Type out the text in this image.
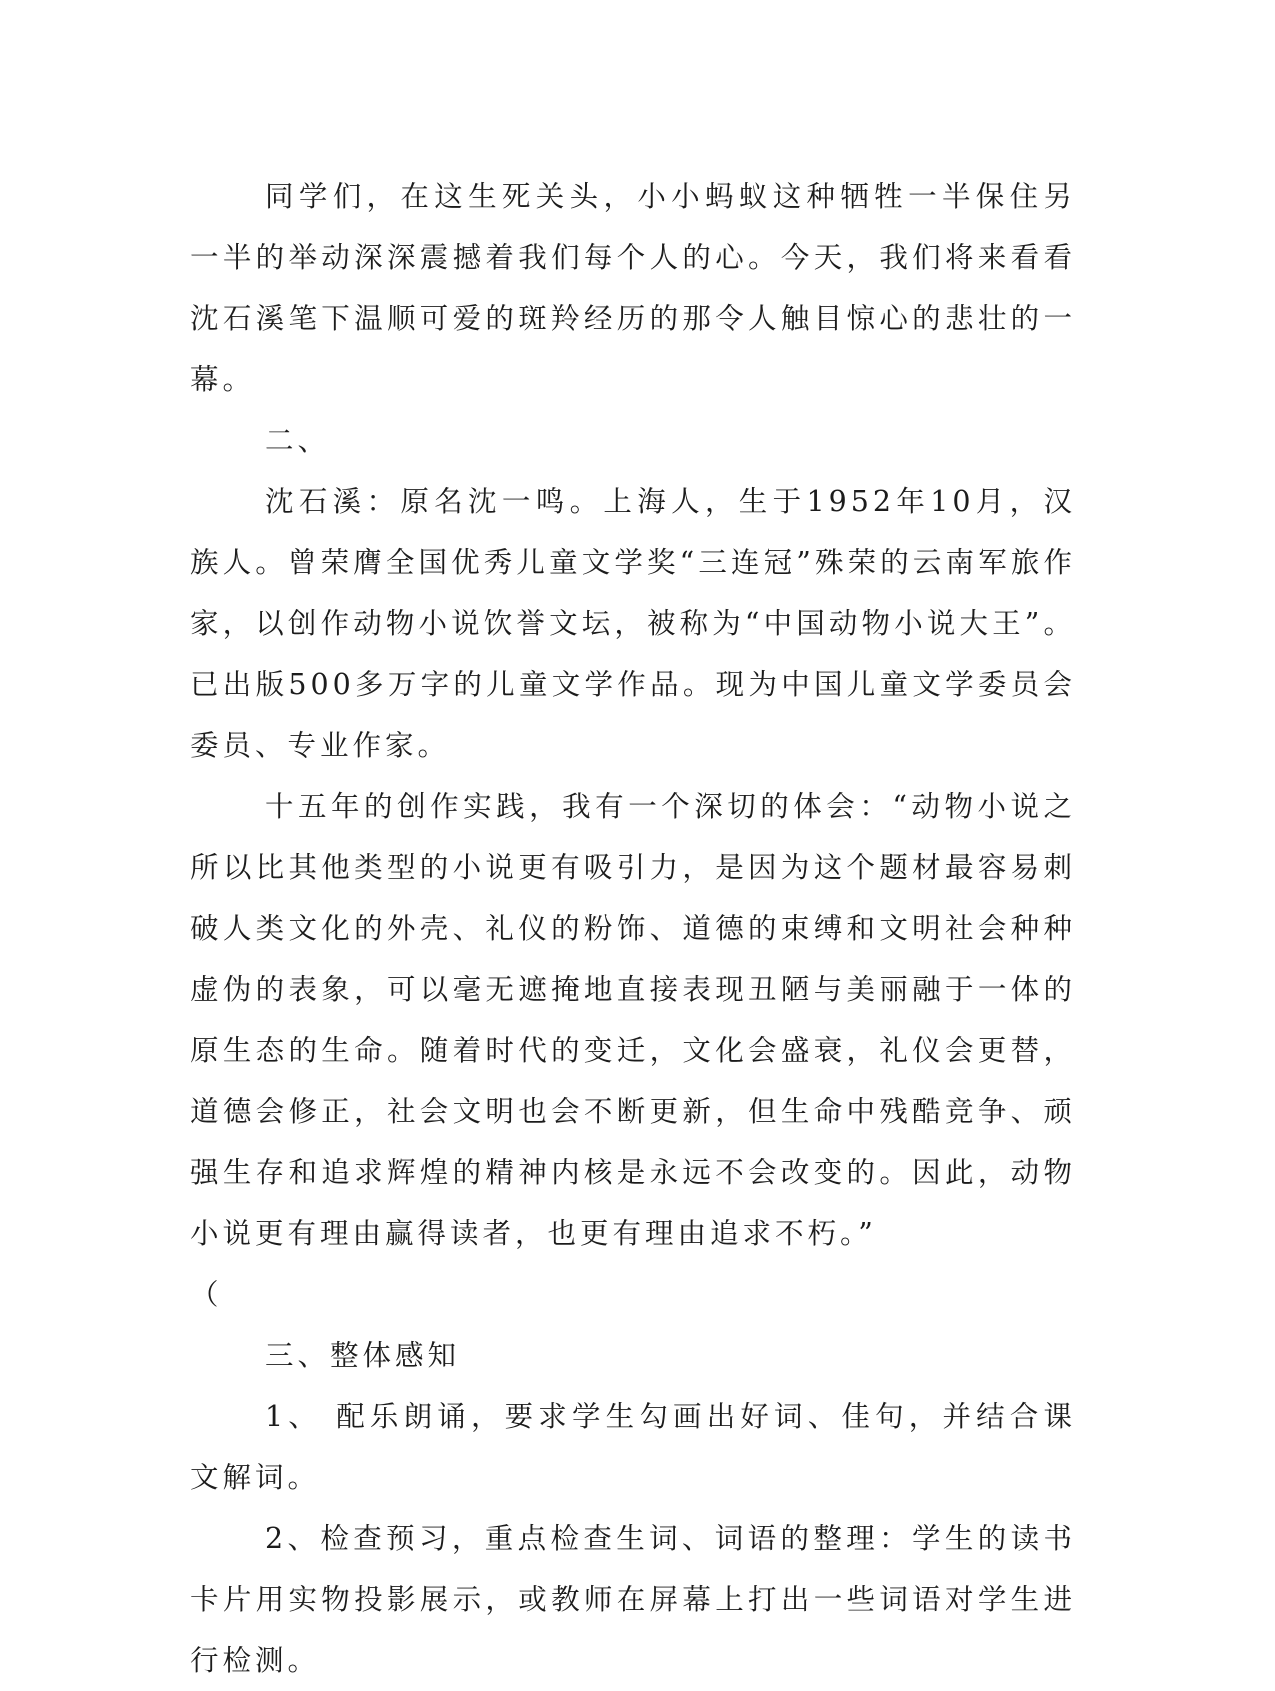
同学们，在这生死关头，小小蚂蚁这种牺牲一半保住另一半的举动深深震撼着我们每个人的心。今天，我们将来看看沈石溪笔下温顺可爱的斑羚经历的那令人触目惊心的悲壮的一幕。

二、

沈石溪：原名沈一鸣。上海人，生于1952年10月，汉族人。曾荣膺全国优秀儿童文学奖“三连冠”殊荣的云南军旅作家，以创作动物小说饮誉文坛，被称为“中国动物小说大王”。已出版500多万字的儿童文学作品。现为中国儿童文学委员会委员、专业作家。

十五年的创作实践，我有一个深切的体会：“动物小说之所以比其他类型的小说更有吸引力，是因为这个题材最容易刺破人类文化的外壳、礼仪的粉饰、道德的束缚和文明社会种种虚伪的表象，可以毫无遮掩地直接表现丑陋与美丽融于一体的原生态的生命。随着时代的变迁，文化会盛衰，礼仪会更替，道德会修正，社会文明也会不断更新，但生命中残酷竞争、顽强生存和追求辉煌的精神内核是永远不会改变的。因此，动物小说更有理由赢得读者，也更有理由追求不朽。”

（

三、整体感知

1、 配乐朗诵，要求学生勾画出好词、佳句，并结合课文解词。

2、检查预习，重点检查生词、词语的整理：学生的读书卡片用实物投影展示，或教师在屏幕上打出一些词语对学生进行检测。
